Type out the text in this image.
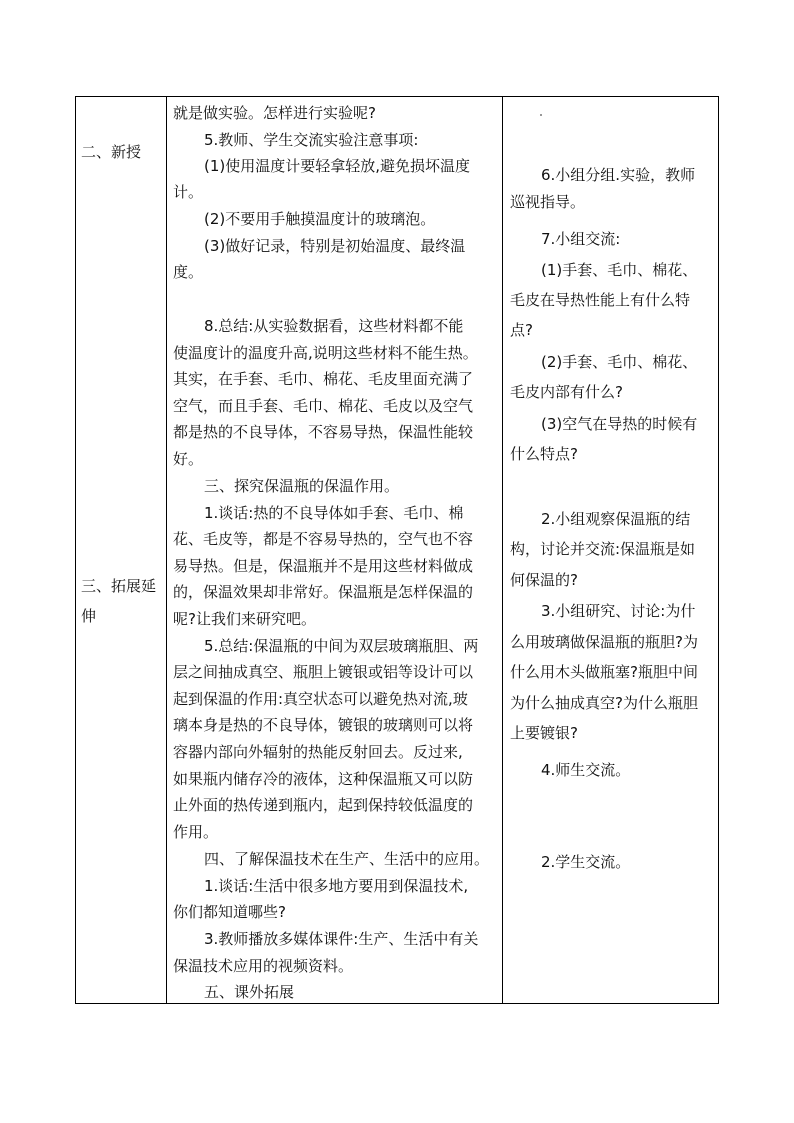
二、新授
三、拓展延
伸
就是做实验。怎样进行实验呢?
5.教师、学生交流实验注意事项:
(1)使用温度计要轻拿轻放,避免损坏温度
计。
(2)不要用手触摸温度计的玻璃泡。
(3)做好记录，特别是初始温度、最终温
度。
8.总结:从实验数据看，这些材料都不能
使温度计的温度升高,说明这些材料不能生热。
其实，在手套、毛巾、棉花、毛皮里面充满了
空气，而且手套、毛巾、棉花、毛皮以及空气
都是热的不良导体，不容易导热，保温性能较
好。
三、探究保温瓶的保温作用。
1.谈话:热的不良导体如手套、毛巾、棉
花、毛皮等，都是不容易导热的，空气也不容
易导热。但是，保温瓶并不是用这些材料做成
的，保温效果却非常好。保温瓶是怎样保温的
呢?让我们来研究吧。
5.总结:保温瓶的中间为双层玻璃瓶胆、两
层之间抽成真空、瓶胆上镀银或铝等设计可以
起到保温的作用:真空状态可以避免热对流,玻
璃本身是热的不良导体，镀银的玻璃则可以将
容器内部向外辐射的热能反射回去。反过来,
如果瓶内储存冷的液体，这种保温瓶又可以防
止外面的热传递到瓶内，起到保持较低温度的
作用。
四、了解保温技术在生产、生活中的应用。
1.谈话:生活中很多地方要用到保温技术,
你们都知道哪些?
3.教师播放多媒体课件:生产、生活中有关
保温技术应用的视频资料。
五、课外拓展
6.小组分组.实验，教师
巡视指导。
7.小组交流:
(1)手套、毛巾、棉花、
毛皮在导热性能上有什么特
点?
(2)手套、毛巾、棉花、
毛皮内部有什么?
(3)空气在导热的时候有
什么特点?
2.小组观察保温瓶的结
构，讨论并交流:保温瓶是如
何保温的?
3.小组研究、讨论:为什
么用玻璃做保温瓶的瓶胆?为
什么用木头做瓶塞?瓶胆中间
为什么抽成真空?为什么瓶胆
上要镀银?
4.师生交流。
2.学生交流。
